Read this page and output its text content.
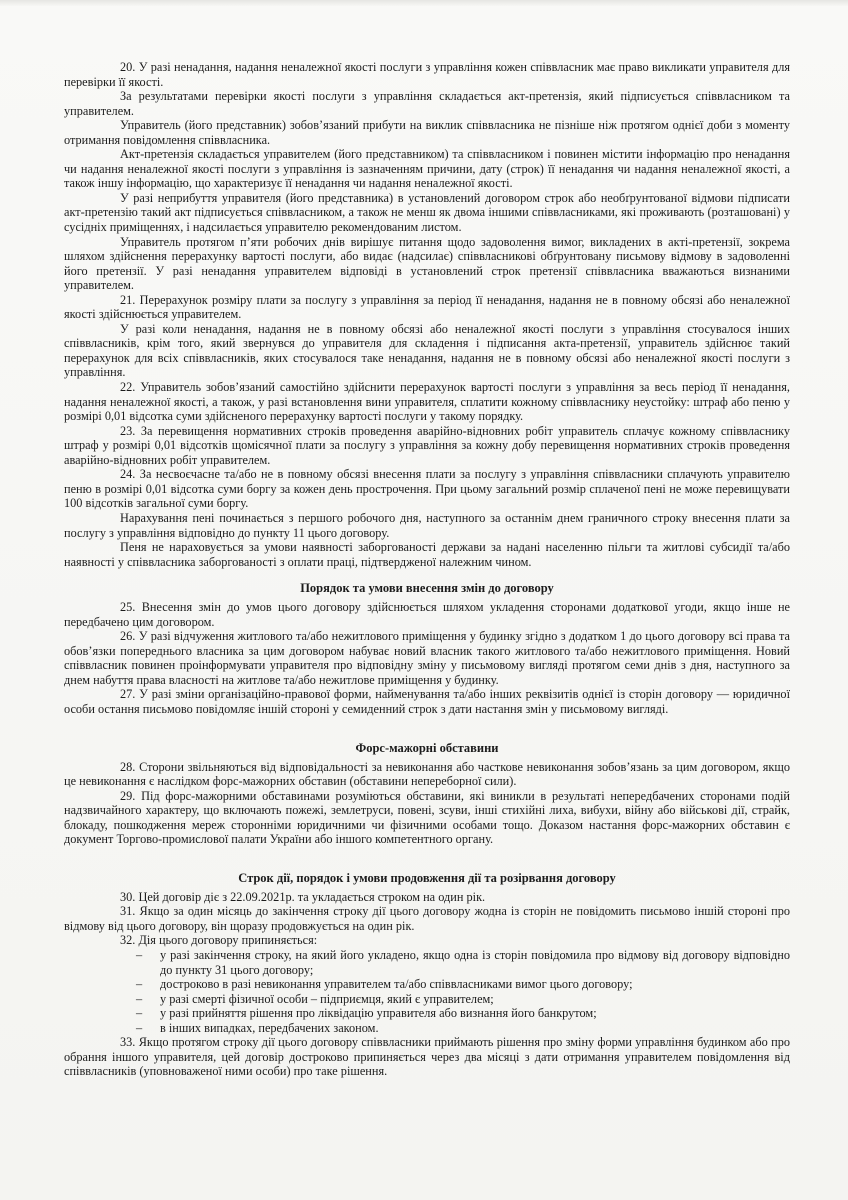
20. У разі ненадання, надання неналежної якості послуги з управління кожен співвласник має право викликати управителя для перевірки її якості.

За результатами перевірки якості послуги з управління складається акт-претензія, який підписується співвласником та управителем.

Управитель (його представник) зобов’язаний прибути на виклик співвласника не пізніше ніж протягом однієї доби з моменту отримання повідомлення співвласника.

Акт-претензія складається управителем (його представником) та співвласником і повинен містити інформацію про ненадання чи надання неналежної якості послуги з управління із зазначенням причини, дату (строк) її ненадання чи надання неналежної якості, а також іншу інформацію, що характеризує її ненадання чи надання неналежної якості.

У разі неприбуття управителя (його представника) в установлений договором строк або необґрунтованої відмови підписати акт-претензію такий акт підписується співвласником, а також не менш як двома іншими співвласниками, які проживають (розташовані) у сусідніх приміщеннях, і надсилається управителю рекомендованим листом.

Управитель протягом п’яти робочих днів вирішує питання щодо задоволення вимог, викладених в акті-претензії, зокрема шляхом здійснення перерахунку вартості послуги, або видає (надсилає) співвласникові обґрунтовану письмову відмову в задоволенні його претензії. У разі ненадання управителем відповіді в установлений строк претензії співвласника вважаються визнаними управителем.

21. Перерахунок розміру плати за послугу з управління за період її ненадання, надання не в повному обсязі або неналежної якості здійснюється управителем.

У разі коли ненадання, надання не в повному обсязі або неналежної якості послуги з управління стосувалося інших співвласників, крім того, який звернувся до управителя для складення і підписання акта-претензії, управитель здійснює такий перерахунок для всіх співвласників, яких стосувалося таке ненадання, надання не в повному обсязі або неналежної якості послуги з управління.

22. Управитель зобов’язаний самостійно здійснити перерахунок вартості послуги з управління за весь період її ненадання, надання неналежної якості, а також, у разі встановлення вини управителя, сплатити кожному співвласнику неустойку: штраф або пеню у розмірі 0,01 відсотка суми здійсненого перерахунку вартості послуги у такому порядку.

23. За перевищення нормативних строків проведення аварійно-відновних робіт управитель сплачує кожному співвласнику штраф у розмірі 0,01 відсотків щомісячної плати за послугу з управління за кожну добу перевищення нормативних строків проведення аварійно-відновних робіт управителем.

24. За несвоєчасне та/або не в повному обсязі внесення плати за послугу з управління співвласники сплачують управителю пеню в розмірі 0,01 відсотка суми боргу за кожен день прострочення. При цьому загальний розмір сплаченої пені не може перевищувати 100 відсотків загальної суми боргу.

Нарахування пені починається з першого робочого дня, наступного за останнім днем граничного строку внесення плати за послугу з управління відповідно до пункту 11 цього договору.

Пеня не нараховується за умови наявності заборгованості держави за надані населенню пільги та житлові субсидії та/або наявності у співвласника заборгованості з оплати праці, підтвердженої належним чином.

Порядок та умови внесення змін до договору

25. Внесення змін до умов цього договору здійснюється шляхом укладення сторонами додаткової угоди, якщо інше не передбачено цим договором.

26. У разі відчуження житлового та/або нежитлового приміщення у будинку згідно з додатком 1 до цього договору всі права та обов’язки попереднього власника за цим договором набуває новий власник такого житлового та/або нежитлового приміщення. Новий співвласник повинен проінформувати управителя про відповідну зміну у письмовому вигляді протягом семи днів з дня, наступного за днем набуття права власності на житлове та/або нежитлове приміщення у будинку.

27. У разі зміни організаційно-правової форми, найменування та/або інших реквізитів однієї із сторін договору — юридичної особи остання письмово повідомляє іншій стороні у семиденний строк з дати настання змін у письмовому вигляді.

Форс-мажорні обставини

28. Сторони звільняються від відповідальності за невиконання або часткове невиконання зобов’язань за цим договором, якщо це невиконання є наслідком форс-мажорних обставин (обставини непереборної сили).

29. Під форс-мажорними обставинами розуміються обставини, які виникли в результаті непередбачених сторонами подій надзвичайного характеру, що включають пожежі, землетруси, повені, зсуви, інші стихійні лиха, вибухи, війну або військові дії, страйк, блокаду, пошкодження мереж сторонніми юридичними чи фізичними особами тощо. Доказом настання форс-мажорних обставин є документ Торгово-промислової палати України або іншого компетентного органу.

Строк дії, порядок і умови продовження дії та розірвання договору

30. Цей договір діє з 22.09.2021р. та укладається строком на один рік.

31. Якщо за один місяць до закінчення строку дії цього договору жодна із сторін не повідомить письмово іншій стороні про відмову від цього договору, він щоразу продовжується на один рік.

32. Дія цього договору припиняється:

– у разі закінчення строку, на який його укладено, якщо одна із сторін повідомила про відмову від договору відповідно до пункту 31 цього договору;
– достроково в разі невиконання управителем та/або співвласниками вимог цього договору;
– у разі смерті фізичної особи – підприємця, який є управителем;
– у разі прийняття рішення про ліквідацію управителя або визнання його банкрутом;
– в інших випадках, передбачених законом.

33. Якщо протягом строку дії цього договору співвласники приймають рішення про зміну форми управління будинком або про обрання іншого управителя, цей договір достроково припиняється через два місяці з дати отримання управителем повідомлення від співвласників (уповноваженої ними особи) про таке рішення.
